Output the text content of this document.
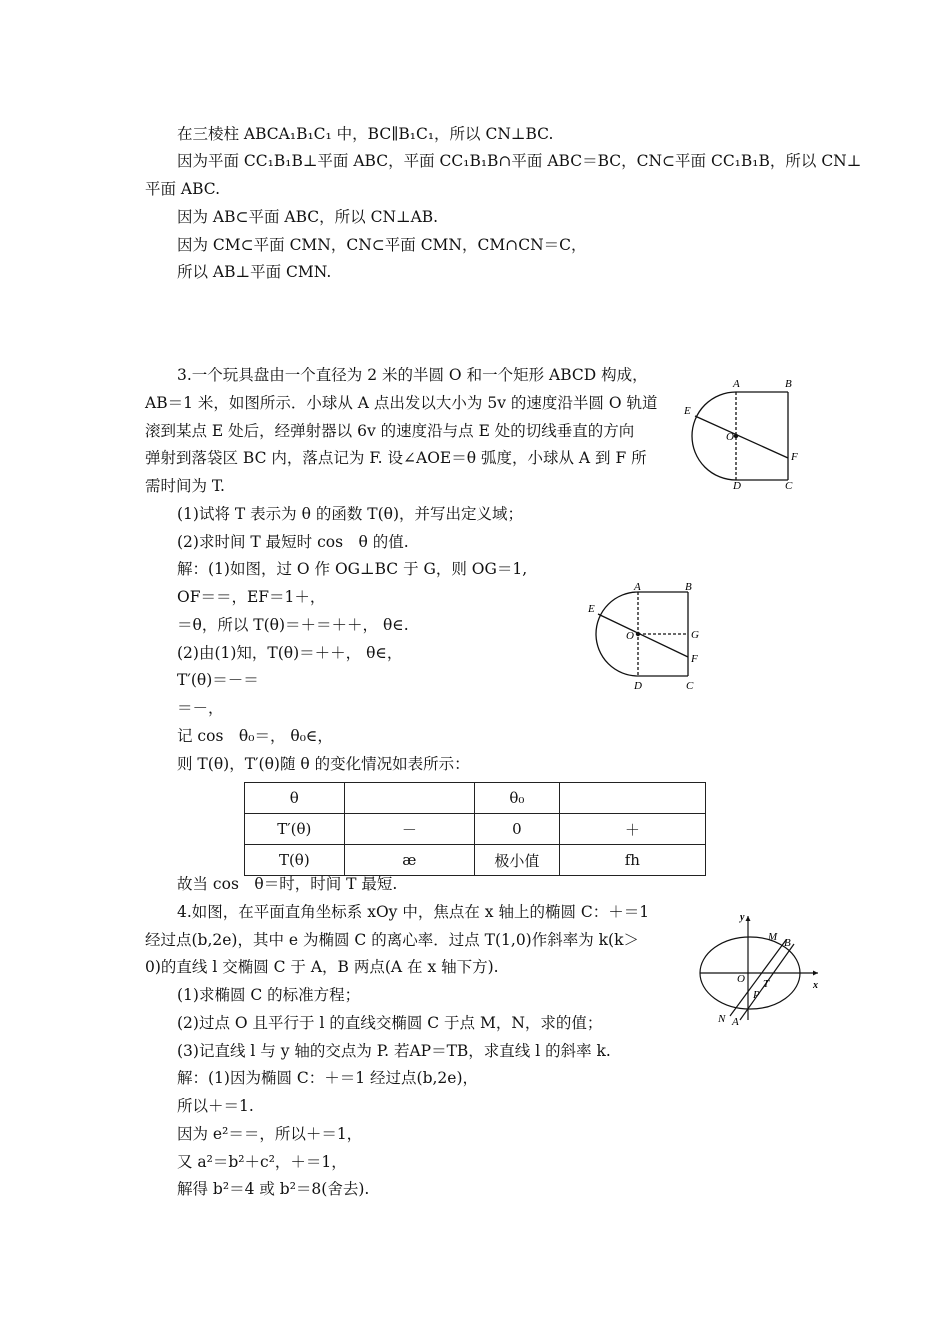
在三棱柱 ABCA₁B₁C₁ 中，BC∥B₁C₁，所以 CN⊥BC.
因为平面 CC₁B₁B⊥平面 ABC，平面 CC₁B₁B∩平面 ABC＝BC，CN⊂平面 CC₁B₁B，所以 CN⊥
平面 ABC.
因为 AB⊂平面 ABC，所以 CN⊥AB.
因为 CM⊂平面 CMN，CN⊂平面 CMN，CM∩CN＝C，
所以 AB⊥平面 CMN.
3.一个玩具盘由一个直径为 2 米的半圆 O 和一个矩形 ABCD 构成，
AB＝1 米，如图所示．小球从 A 点出发以大小为 5v 的速度沿半圆 O 轨道
滚到某点 E 处后，经弹射器以 6v 的速度沿与点 E 处的切线垂直的方向
弹射到落袋区 BC 内，落点记为 F. 设∠AOE＝θ 弧度，小球从 A 到 F 所
需时间为 T.
(1)试将 T 表示为 θ 的函数 T(θ)，并写出定义域；
(2)求时间 T 最短时 cos　θ 的值.
解：(1)如图，过 O 作 OG⊥BC 于 G，则 OG＝1,
OF＝＝，EF＝1＋，
＝θ，所以 T(θ)＝＋＝＋＋， θ∈.
(2)由(1)知，T(θ)＝＋＋， θ∈，
T′(θ)＝－＝
＝－，
记 cos　θ₀＝， θ₀∈，
则 T(θ)，T′(θ)随 θ 的变化情况如表所示：
θ		θ₀	
T′(θ)	－	0	＋
T(θ)	æ	极小值	fh
故当 cos　θ＝时，时间 T 最短.
4.如图，在平面直角坐标系 xOy 中，焦点在 x 轴上的椭圆 C：＋＝1
经过点(b,2e)，其中 e 为椭圆 C 的离心率．过点 T(1,0)作斜率为 k(k＞
0)的直线 l 交椭圆 C 于 A，B 两点(A 在 x 轴下方).
(1)求椭圆 C 的标准方程；
(2)过点 O 且平行于 l 的直线交椭圆 C 于点 M，N，求的值；
(3)记直线 l 与 y 轴的交点为 P. 若AP＝TB，求直线 l 的斜率 k.
解：(1)因为椭圆 C：＋＝1 经过点(b,2e)，
所以＋＝1.
因为 e²＝＝，所以＋＝1，
又 a²＝b²＋c²，＋＝1，
解得 b²＝4 或 b²＝8(舍去).
A	B
C
D
E
O
F
A	B
C
D
E
O	G
F
y
x
O
M B
T
P
N A
